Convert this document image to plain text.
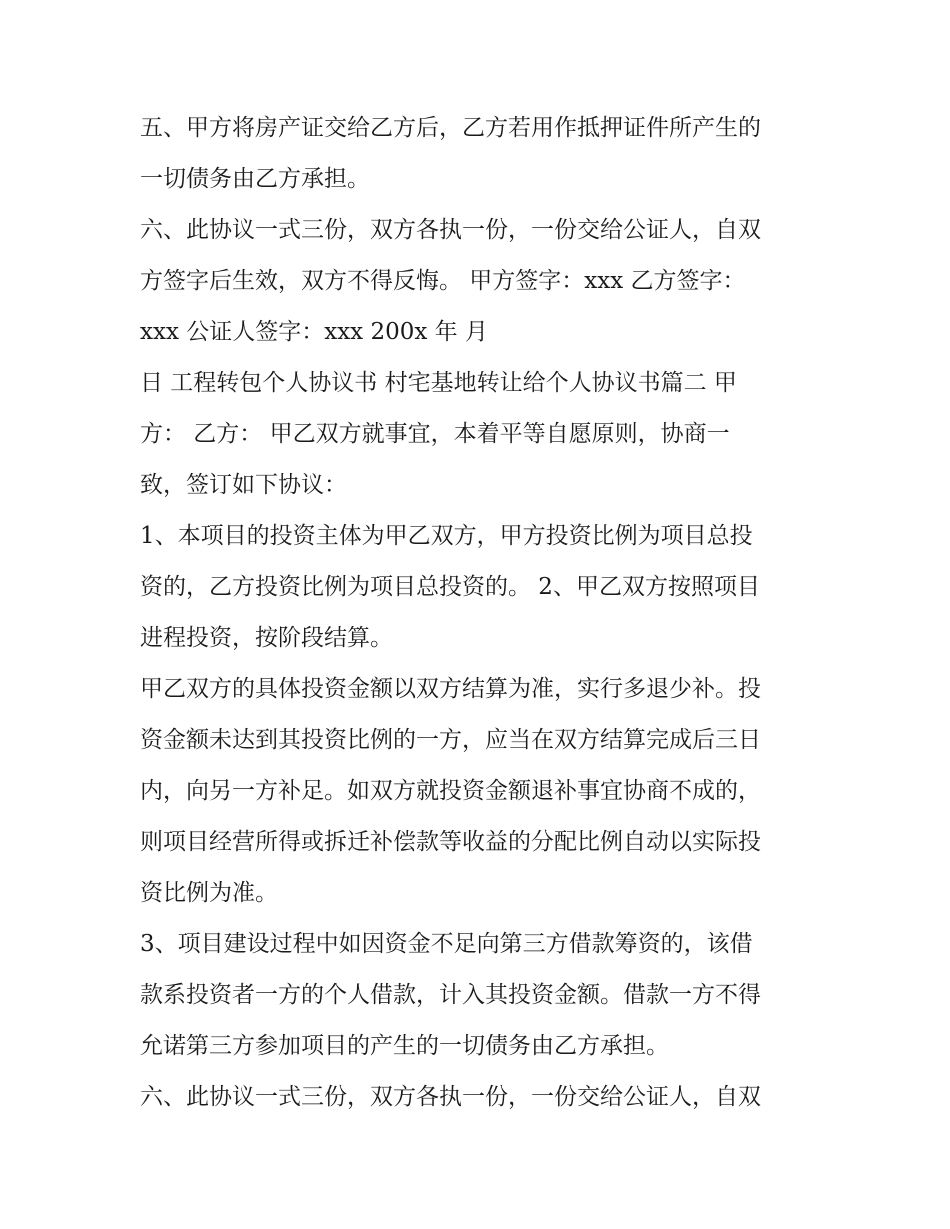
五、甲方将房产证交给乙方后，乙方若用作抵押证件所产生的
一切债务由乙方承担。
六、此协议一式三份，双方各执一份，一份交给公证人，自双
方签字后生效，双方不得反悔。 甲方签字：xxx 乙方签字：
xxx 公证人签字：xxx 200x 年 月
日 工程转包个人协议书 村宅基地转让给个人协议书篇二 甲
方： 乙方： 甲乙双方就事宜，本着平等自愿原则，协商一
致，签订如下协议：
1、本项目的投资主体为甲乙双方，甲方投资比例为项目总投
资的，乙方投资比例为项目总投资的。 2、甲乙双方按照项目
进程投资，按阶段结算。
甲乙双方的具体投资金额以双方结算为准，实行多退少补。投
资金额未达到其投资比例的一方，应当在双方结算完成后三日
内，向另一方补足。如双方就投资金额退补事宜协商不成的，
则项目经营所得或拆迁补偿款等收益的分配比例自动以实际投
资比例为准。
3、项目建设过程中如因资金不足向第三方借款筹资的，该借
款系投资者一方的个人借款，计入其投资金额。借款一方不得
允诺第三方参加项目的产生的一切债务由乙方承担。
六、此协议一式三份，双方各执一份，一份交给公证人，自双
